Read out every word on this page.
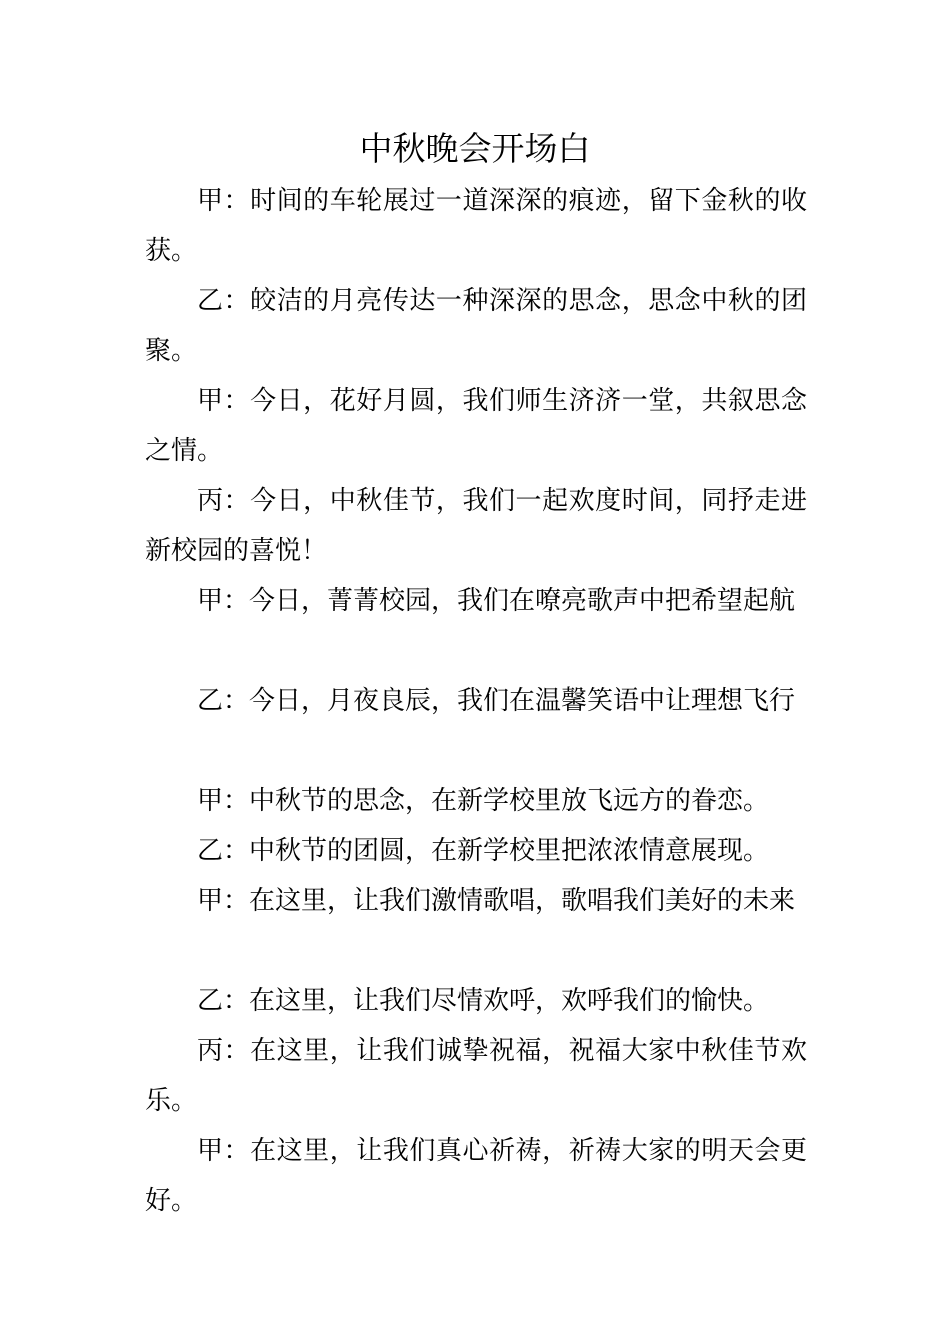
中秋晚会开场白

甲：时间的车轮展过一道深深的痕迹，留下金秋的收获。

乙：皎洁的月亮传达一种深深的思念，思念中秋的团聚。

甲：今日，花好月圆，我们师生济济一堂，共叙思念之情。

丙：今日，中秋佳节，我们一起欢度时间，同抒走进新校园的喜悦！

甲：今日，菁菁校园，我们在嘹亮歌声中把希望起航

乙：今日，月夜良辰，我们在温馨笑语中让理想飞行

甲：中秋节的思念，在新学校里放飞远方的眷恋。

乙：中秋节的团圆，在新学校里把浓浓情意展现。

甲：在这里，让我们激情歌唱，歌唱我们美好的未来

乙：在这里，让我们尽情欢呼，欢呼我们的愉快。

丙：在这里，让我们诚挚祝福，祝福大家中秋佳节欢乐。

甲：在这里，让我们真心祈祷，祈祷大家的明天会更好。
